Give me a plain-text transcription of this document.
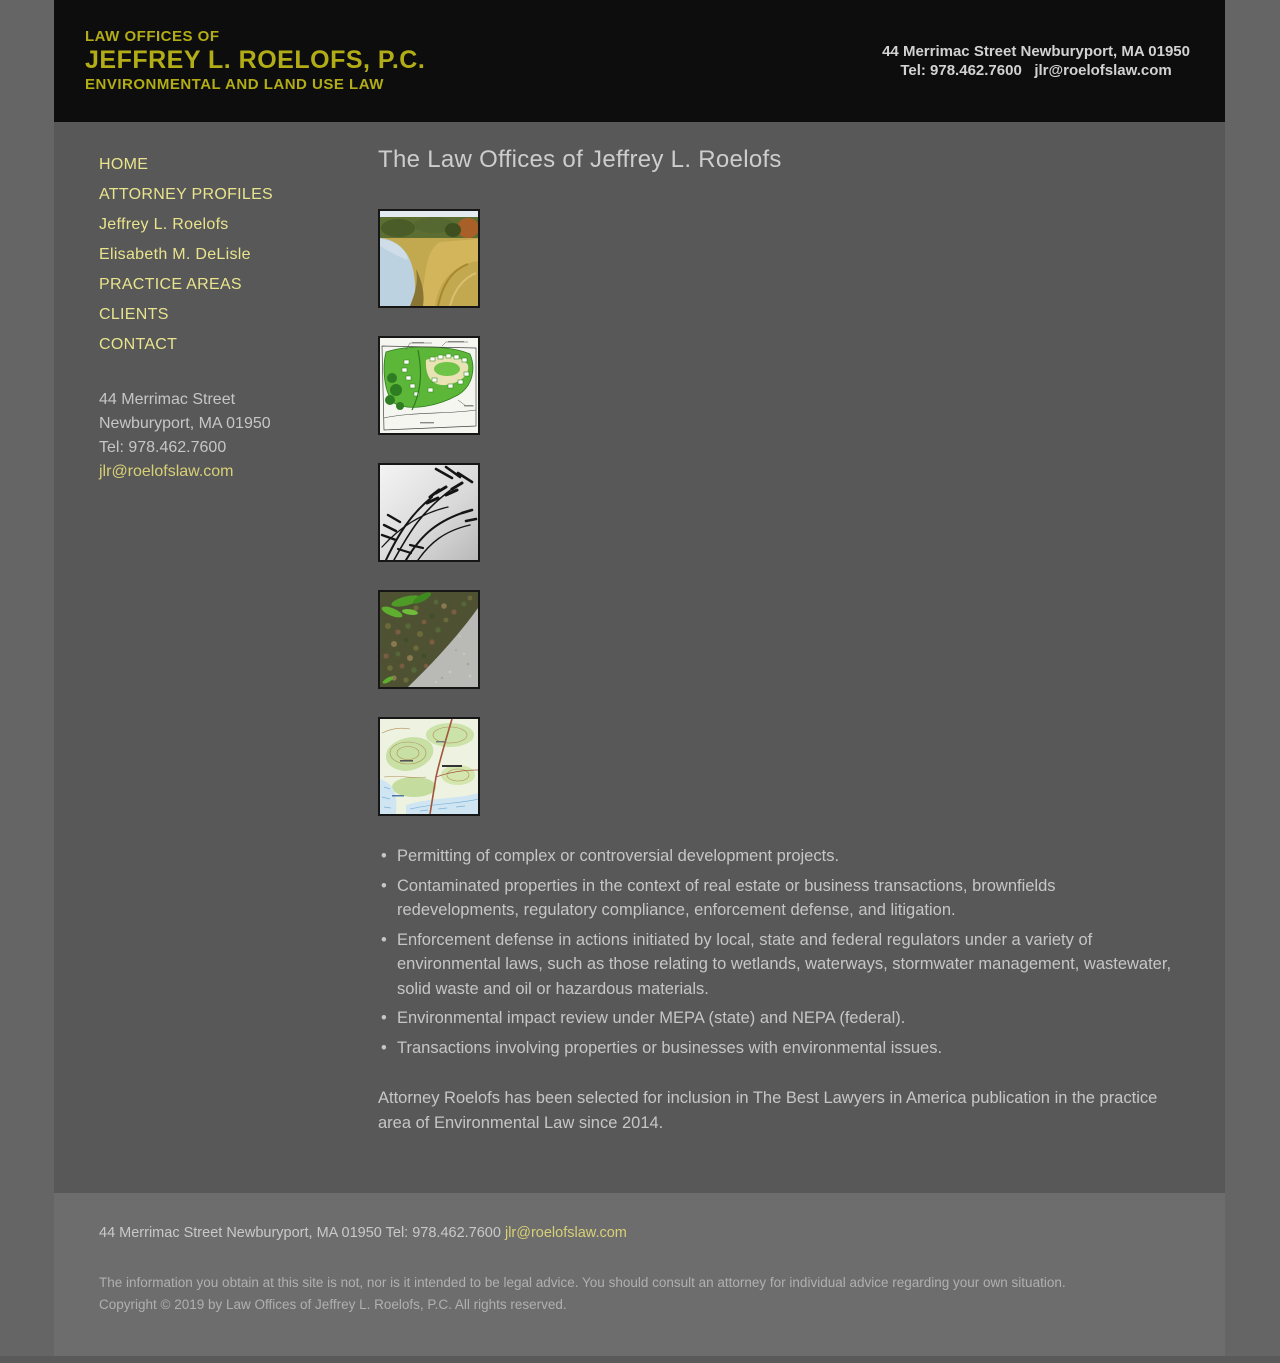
LAW OFFICES OF
JEFFREY L. ROELOFS, P.C.
ENVIRONMENTAL AND LAND USE LAW
44 Merrimac Street Newburyport, MA 01950
Tel: 978.462.7600 jlr@roelofslaw.com
HOME
ATTORNEY PROFILES
Jeffrey L. Roelofs
Elisabeth M. DeLisle
PRACTICE AREAS
CLIENTS
CONTACT
44 Merrimac Street
Newburyport, MA 01950
Tel: 978.462.7600
jlr@roelofslaw.com
The Law Offices of Jeffrey L. Roelofs
• Permitting of complex or controversial development projects.
• Contaminated properties in the context of real estate or business transactions, brownfields redevelopments, regulatory compliance, enforcement defense, and litigation.
• Enforcement defense in actions initiated by local, state and federal regulators under a variety of environmental laws, such as those relating to wetlands, waterways, stormwater management, wastewater, solid waste and oil or hazardous materials.
• Environmental impact review under MEPA (state) and NEPA (federal).
• Transactions involving properties or businesses with environmental issues.

Attorney Roelofs has been selected for inclusion in The Best Lawyers in America publication in the practice area of Environmental Law since 2014.

44 Merrimac Street Newburyport, MA 01950 Tel: 978.462.7600 jlr@roelofslaw.com
The information you obtain at this site is not, nor is it intended to be legal advice. You should consult an attorney for individual advice regarding your own situation.
Copyright © 2019 by Law Offices of Jeffrey L. Roelofs, P.C. All rights reserved.
